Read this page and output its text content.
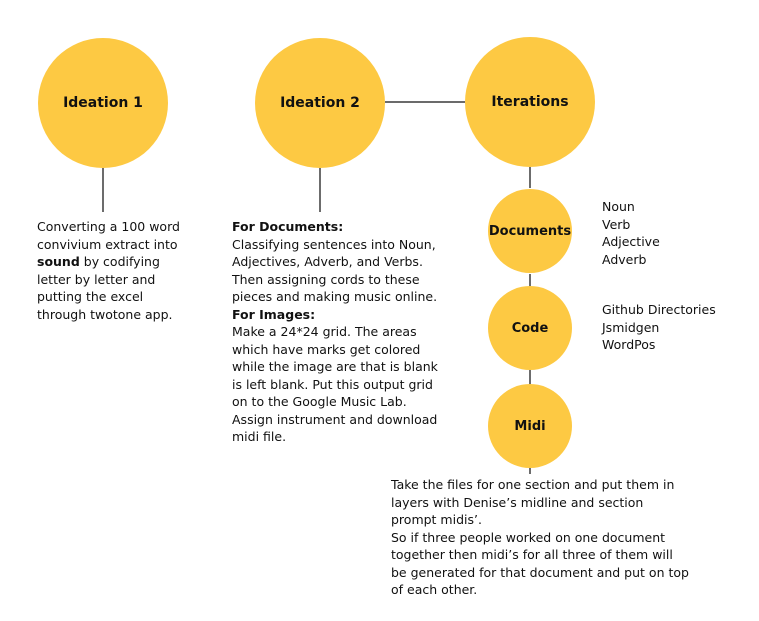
Ideation 1	Ideation 2	Iterations
Documents
Code
Midi
Converting a 100 word convivium extract into sound by codifying letter by letter and putting the excel through twotone app.
For Documents:

Classifying sentences into Noun, Adjectives, Adverb, and Verbs. Then assigning cords to these pieces and making music online.

For Images:

Make a 24*24 grid. The areas which have marks get colored while the image are that is blank is left blank. Put this output grid on to the Google Music Lab. Assign instrument and download midi file.

Noun
Verb
Adjective
Adverb
Github Directories
Jsmidgen
WordPos

Take the files for one section and put them in layers with Denise’s midline and section prompt midis’.

So if three people worked on one document together then midi’s for all three of them will be generated for that document and put on top of each other.
